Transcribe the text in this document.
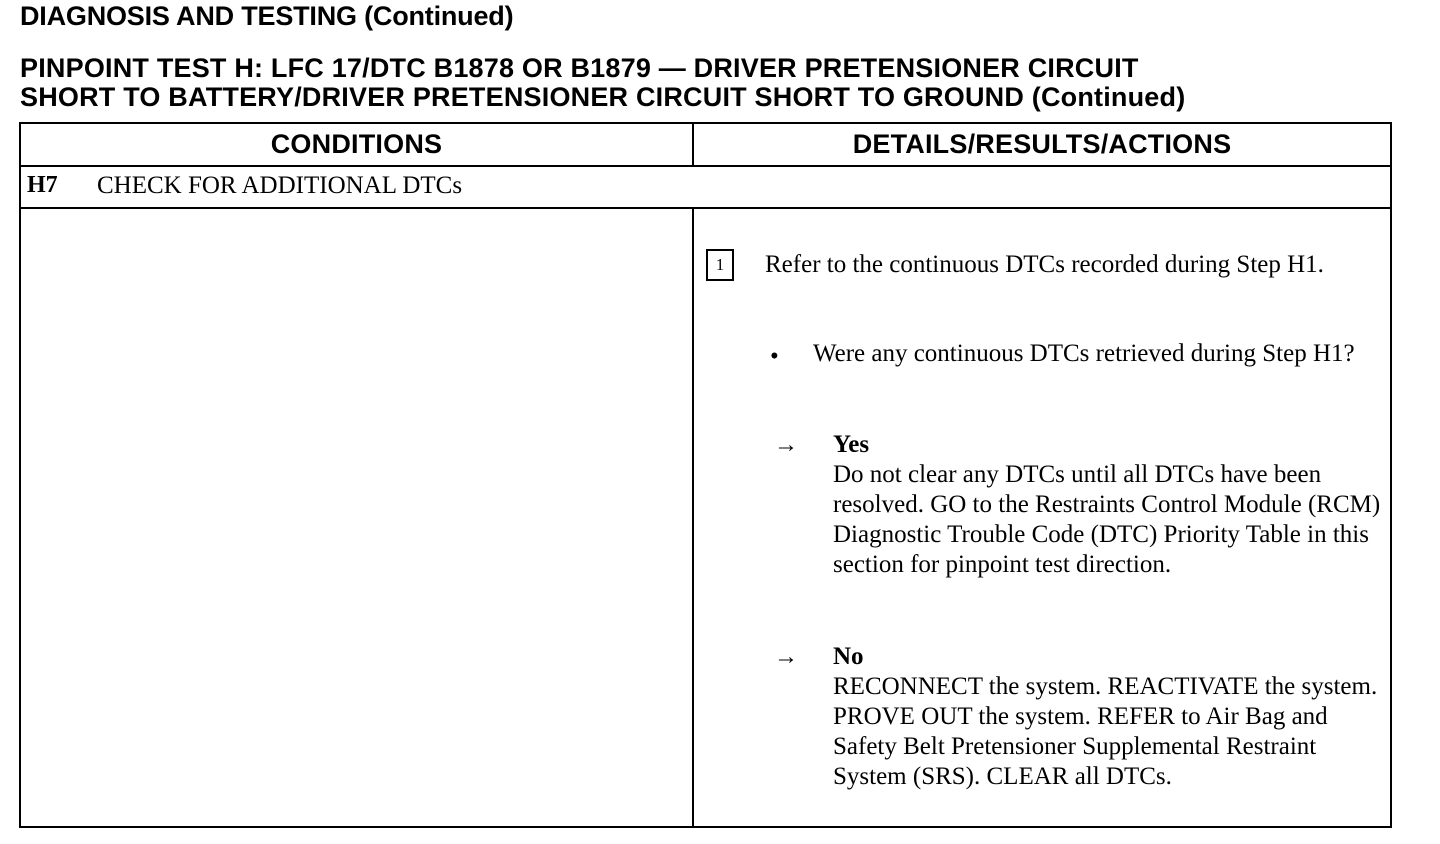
DIAGNOSIS AND TESTING (Continued)
PINPOINT TEST H: LFC 17/DTC B1878 OR B1879 — DRIVER PRETENSIONER CIRCUIT
SHORT TO BATTERY/DRIVER PRETENSIONER CIRCUIT SHORT TO GROUND (Continued)
CONDITIONS	DETAILS/RESULTS/ACTIONS
H7 CHECK FOR ADDITIONAL DTCs
1	Refer to the continuous DTCs recorded during Step H1.
•	Were any continuous DTCs retrieved during Step H1?
→	Yes
Do not clear any DTCs until all DTCs have been resolved. GO to the Restraints Control Module (RCM) Diagnostic Trouble Code (DTC) Priority Table in this section for pinpoint test direction.
→	No
RECONNECT the system. REACTIVATE the system. PROVE OUT the system. REFER to Air Bag and Safety Belt Pretensioner Supplemental Restraint System (SRS). CLEAR all DTCs.
